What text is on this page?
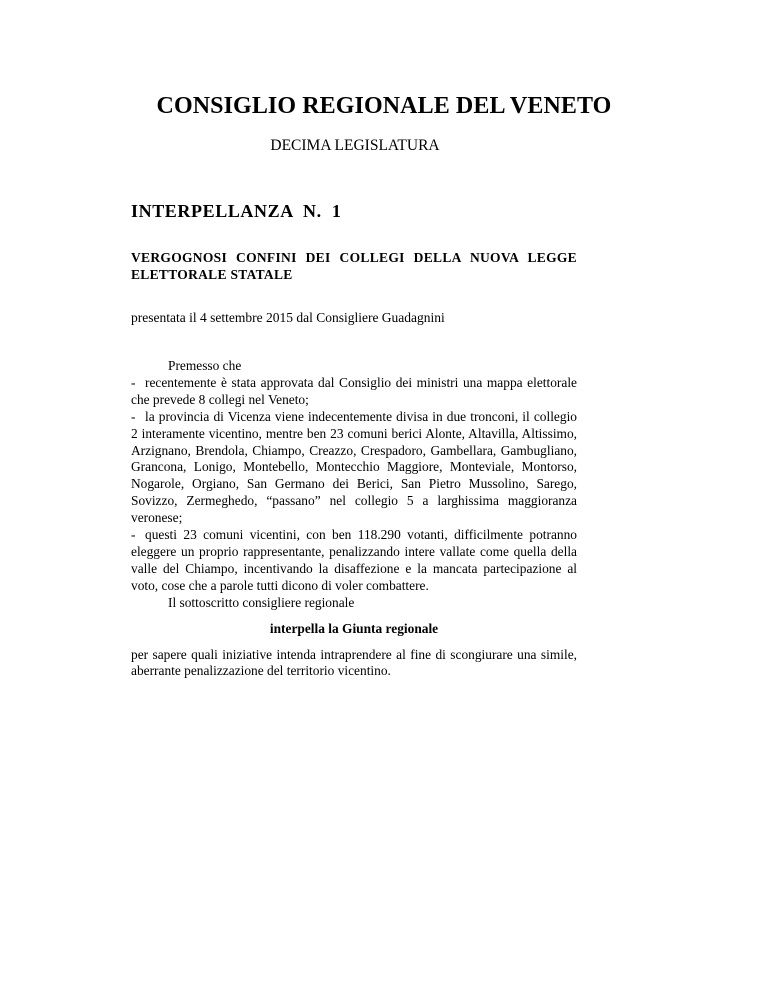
CONSIGLIO REGIONALE DEL VENETO
DECIMA LEGISLATURA
INTERPELLANZA  N.  1
VERGOGNOSI CONFINI DEI COLLEGI DELLA NUOVA LEGGE ELETTORALE STATALE
presentata il 4 settembre 2015 dal Consigliere Guadagnini

Premesso che

- recentemente è stata approvata dal Consiglio dei ministri una mappa elettorale che prevede 8 collegi nel Veneto;

- la provincia di Vicenza viene indecentemente divisa in due tronconi, il collegio 2 interamente vicentino, mentre ben 23 comuni berici Alonte, Altavilla, Altissimo, Arzignano, Brendola, Chiampo, Creazzo, Crespadoro, Gambellara, Gambugliano, Grancona, Lonigo, Montebello, Montecchio Maggiore, Monteviale, Montorso, Nogarole, Orgiano, San Germano dei Berici, San Pietro Mussolino, Sarego, Sovizzo, Zermeghedo, “passano” nel collegio 5 a larghissima maggioranza veronese;

- questi 23 comuni vicentini, con ben 118.290 votanti, difficilmente potranno eleggere un proprio rappresentante, penalizzando intere vallate come quella della valle del Chiampo, incentivando la disaffezione e la mancata partecipazione al voto, cose che a parole tutti dicono di voler combattere.

Il sottoscritto consigliere regionale

interpella la Giunta regionale

per sapere quali iniziative intenda intraprendere al fine di scongiurare una simile, aberrante penalizzazione del territorio vicentino.
